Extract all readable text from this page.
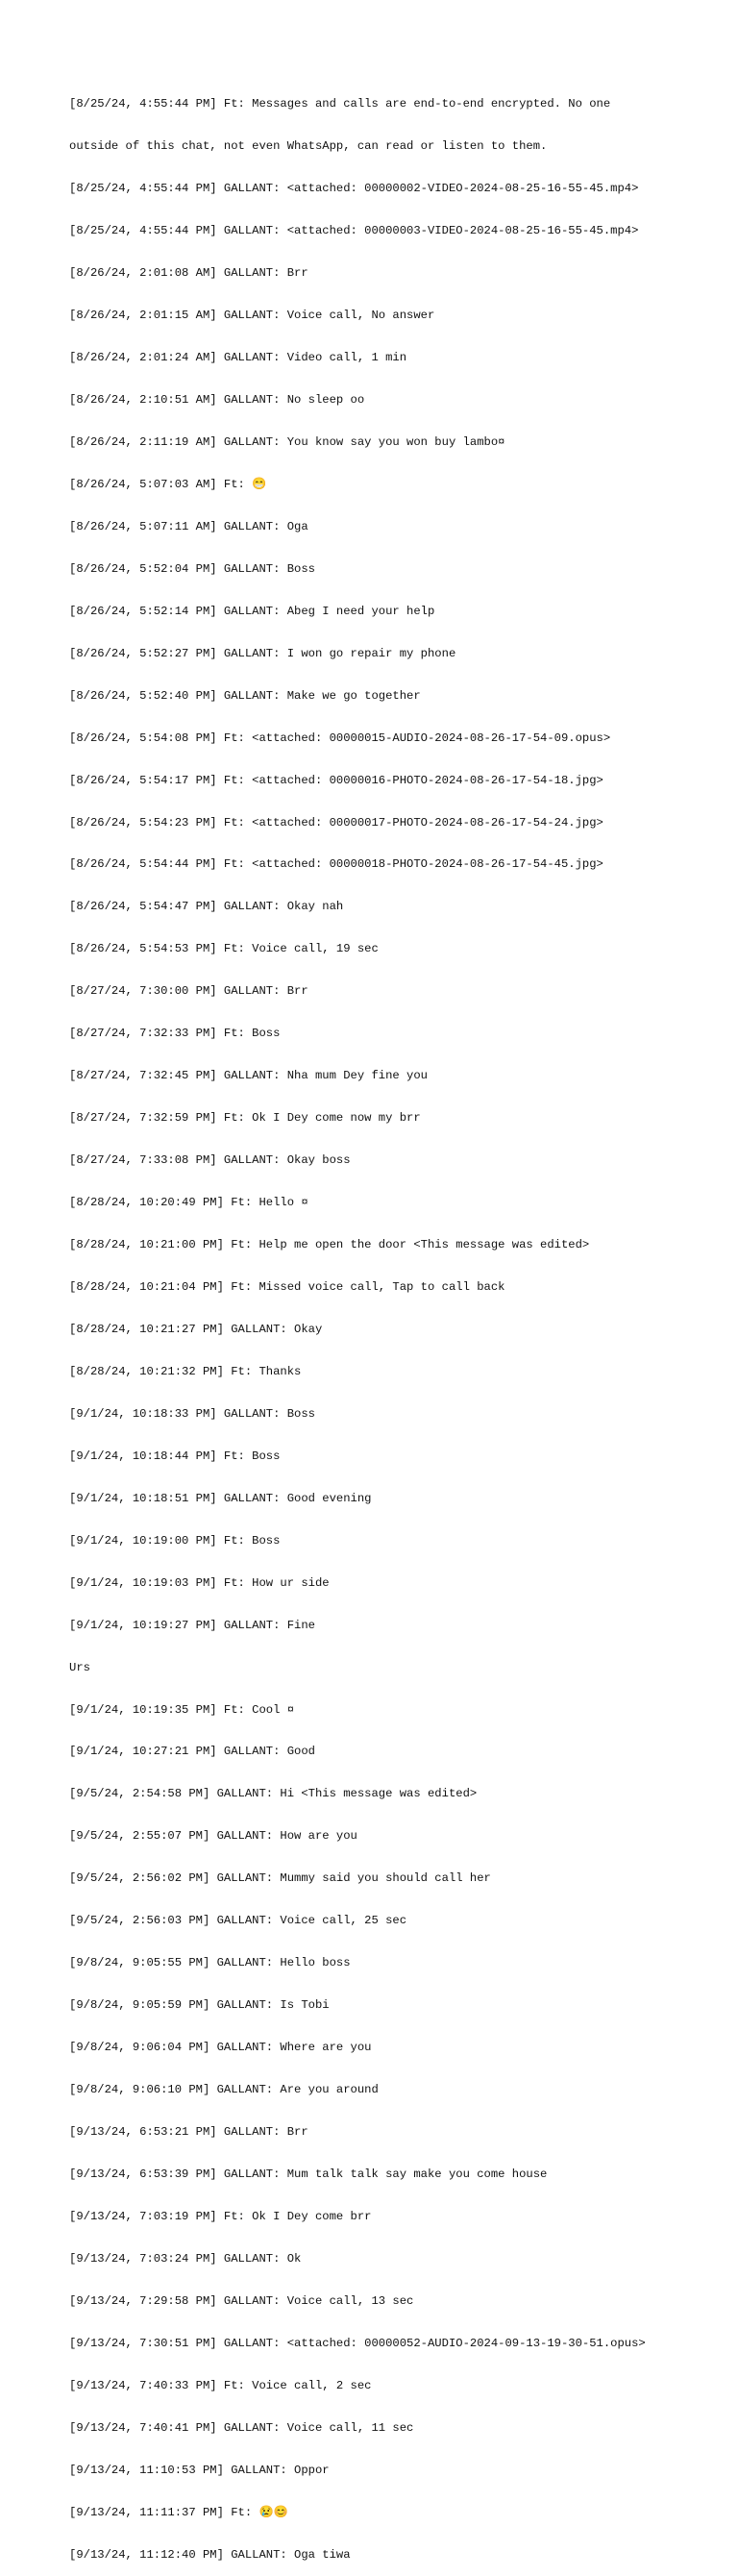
[8/25/24, 4:55:44 PM] Ft: Messages and calls are end-to-end encrypted. No one

outside of this chat, not even WhatsApp, can read or listen to them.

[8/25/24, 4:55:44 PM] GALLANT: <attached: 00000002-VIDEO-2024-08-25-16-55-45.mp4>

[8/25/24, 4:55:44 PM] GALLANT: <attached: 00000003-VIDEO-2024-08-25-16-55-45.mp4>

[8/26/24, 2:01:08 AM] GALLANT: Brr

[8/26/24, 2:01:15 AM] GALLANT: Voice call, No answer

[8/26/24, 2:01:24 AM] GALLANT: Video call, 1 min

[8/26/24, 2:10:51 AM] GALLANT: No sleep oo

[8/26/24, 2:11:19 AM] GALLANT: You know say you won buy lambo¤

[8/26/24, 5:07:03 AM] Ft: 😁

[8/26/24, 5:07:11 AM] GALLANT: Oga

[8/26/24, 5:52:04 PM] GALLANT: Boss

[8/26/24, 5:52:14 PM] GALLANT: Abeg I need your help

[8/26/24, 5:52:27 PM] GALLANT: I won go repair my phone

[8/26/24, 5:52:40 PM] GALLANT: Make we go together

[8/26/24, 5:54:08 PM] Ft: <attached: 00000015-AUDIO-2024-08-26-17-54-09.opus>

[8/26/24, 5:54:17 PM] Ft: <attached: 00000016-PHOTO-2024-08-26-17-54-18.jpg>

[8/26/24, 5:54:23 PM] Ft: <attached: 00000017-PHOTO-2024-08-26-17-54-24.jpg>

[8/26/24, 5:54:44 PM] Ft: <attached: 00000018-PHOTO-2024-08-26-17-54-45.jpg>

[8/26/24, 5:54:47 PM] GALLANT: Okay nah

[8/26/24, 5:54:53 PM] Ft: Voice call, 19 sec

[8/27/24, 7:30:00 PM] GALLANT: Brr

[8/27/24, 7:32:33 PM] Ft: Boss

[8/27/24, 7:32:45 PM] GALLANT: Nha mum Dey fine you

[8/27/24, 7:32:59 PM] Ft: Ok I Dey come now my brr

[8/27/24, 7:33:08 PM] GALLANT: Okay boss

[8/28/24, 10:20:49 PM] Ft: Hello ¤

[8/28/24, 10:21:00 PM] Ft: Help me open the door <This message was edited>

[8/28/24, 10:21:04 PM] Ft: Missed voice call, Tap to call back

[8/28/24, 10:21:27 PM] GALLANT: Okay

[8/28/24, 10:21:32 PM] Ft: Thanks

[9/1/24, 10:18:33 PM] GALLANT: Boss

[9/1/24, 10:18:44 PM] Ft: Boss

[9/1/24, 10:18:51 PM] GALLANT: Good evening

[9/1/24, 10:19:00 PM] Ft: Boss

[9/1/24, 10:19:03 PM] Ft: How ur side

[9/1/24, 10:19:27 PM] GALLANT: Fine

Urs

[9/1/24, 10:19:35 PM] Ft: Cool ¤

[9/1/24, 10:27:21 PM] GALLANT: Good

[9/5/24, 2:54:58 PM] GALLANT: Hi <This message was edited>

[9/5/24, 2:55:07 PM] GALLANT: How are you

[9/5/24, 2:56:02 PM] GALLANT: Mummy said you should call her

[9/5/24, 2:56:03 PM] GALLANT: Voice call, 25 sec

[9/8/24, 9:05:55 PM] GALLANT: Hello boss

[9/8/24, 9:05:59 PM] GALLANT: Is Tobi

[9/8/24, 9:06:04 PM] GALLANT: Where are you

[9/8/24, 9:06:10 PM] GALLANT: Are you around

[9/13/24, 6:53:21 PM] GALLANT: Brr

[9/13/24, 6:53:39 PM] GALLANT: Mum talk talk say make you come house

[9/13/24, 7:03:19 PM] Ft: Ok I Dey come brr

[9/13/24, 7:03:24 PM] GALLANT: Ok

[9/13/24, 7:29:58 PM] GALLANT: Voice call, 13 sec

[9/13/24, 7:30:51 PM] GALLANT: <attached: 00000052-AUDIO-2024-09-13-19-30-51.opus>

[9/13/24, 7:40:33 PM] Ft: Voice call, 2 sec

[9/13/24, 7:40:41 PM] GALLANT: Voice call, 11 sec

[9/13/24, 11:10:53 PM] GALLANT: Oppor

[9/13/24, 11:11:37 PM] Ft: 😢😊

[9/13/24, 11:12:40 PM] GALLANT: Oga tiwa
